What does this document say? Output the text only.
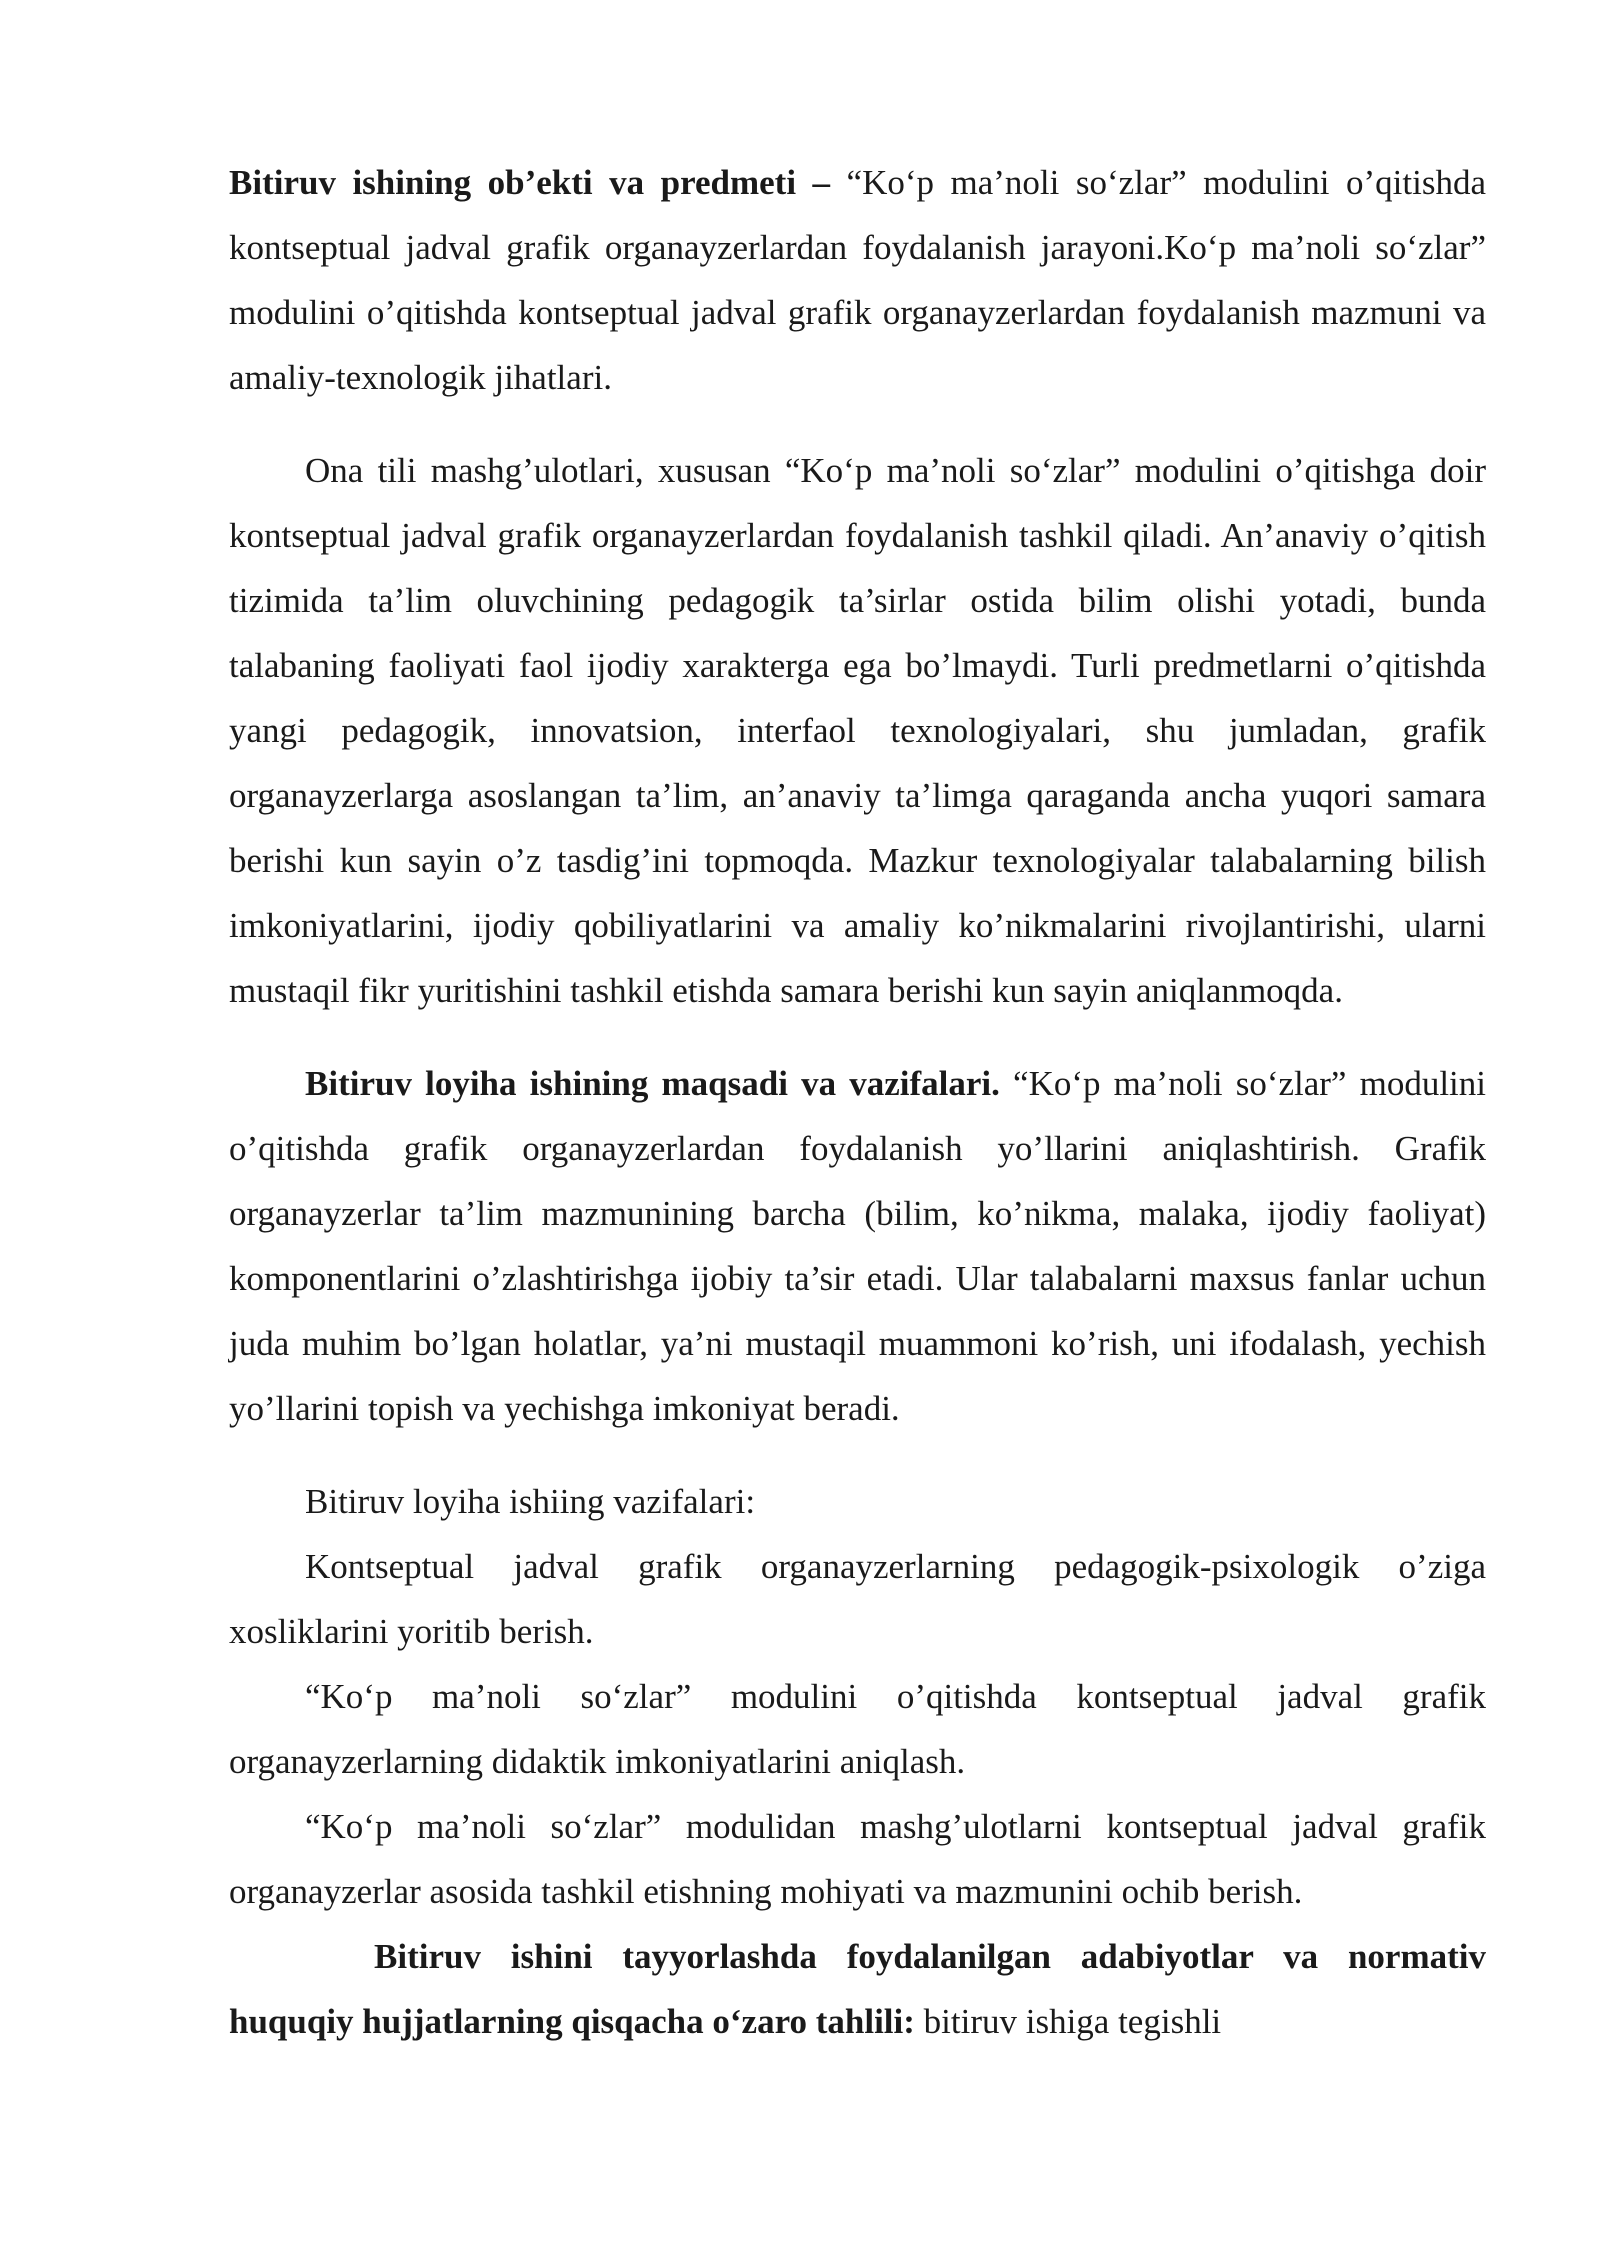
Bitiruv ishining ob’ekti va predmeti – “Ko‘p ma’noli so‘zlar” modulini o’qitishda kontseptual jadval grafik organayzerlardan foydalanish jarayoni.Ko‘p ma’noli so‘zlar” modulini o’qitishda kontseptual jadval grafik organayzerlardan foydalanish mazmuni va amaliy-texnologik jihatlari.

Ona tili mashg’ulotlari, xususan “Ko‘p ma’noli so‘zlar” modulini o’qitishga doir kontseptual jadval grafik organayzerlardan foydalanish tashkil qiladi. An’anaviy o’qitish tizimida ta’lim oluvchining pedagogik ta’sirlar ostida bilim olishi yotadi, bunda talabaning faoliyati faol ijodiy xarakterga ega bo’lmaydi. Turli predmetlarni o’qitishda yangi pedagogik, innovatsion, interfaol texnologiyalari, shu jumladan, grafik organayzerlarga asoslangan ta’lim, an’anaviy ta’limga qaraganda ancha yuqori samara berishi kun sayin o’z tasdig’ini topmoqda. Mazkur texnologiyalar talabalarning bilish imkoniyatlarini, ijodiy qobiliyatlarini va amaliy ko’nikmalarini rivojlantirishi, ularni mustaqil fikr yuritishini tashkil etishda samara berishi kun sayin aniqlanmoqda.

Bitiruv loyiha ishining maqsadi va vazifalari. “Ko‘p ma’noli so‘zlar” modulini o’qitishda grafik organayzerlardan foydalanish yo’llarini aniqlashtirish. Grafik organayzerlar ta’lim mazmunining barcha (bilim, ko’nikma, malaka, ijodiy faoliyat) komponentlarini o’zlashtirishga ijobiy ta’sir etadi. Ular talabalarni maxsus fanlar uchun juda muhim bo’lgan holatlar, ya’ni mustaqil muammoni ko’rish, uni ifodalash, yechish yo’llarini topish va yechishga imkoniyat beradi.

Bitiruv loyiha ishiing vazifalari:

Kontseptual jadval grafik organayzerlarning pedagogik-psixologik o’ziga xosliklarini yoritib berish.

“Ko‘p ma’noli so‘zlar” modulini o’qitishda kontseptual jadval grafik organayzerlarning didaktik imkoniyatlarini aniqlash.

“Ko‘p ma’noli so‘zlar” modulidan mashg’ulotlarni kontseptual jadval grafik organayzerlar asosida tashkil etishning mohiyati va mazmunini ochib berish.

Bitiruv ishini tayyorlashda foydalanilgan adabiyotlar va normativ huquqiy hujjatlarning qisqacha o‘zaro tahlili: bitiruv ishiga tegishli
